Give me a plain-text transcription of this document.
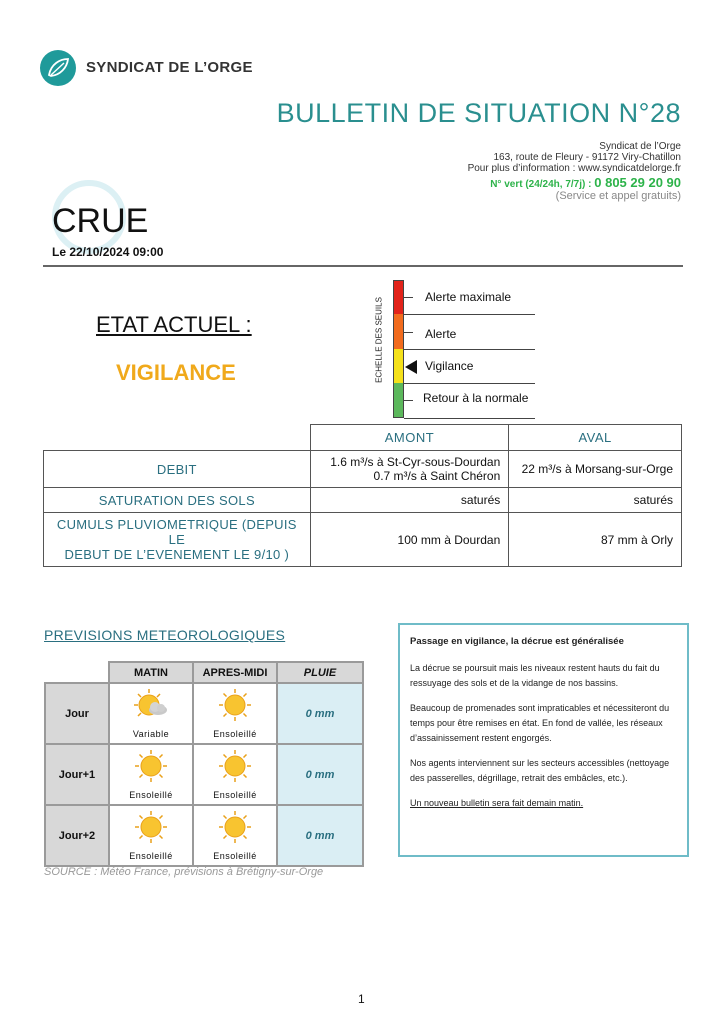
SYNDICAT DE L’ORGE
BULLETIN DE SITUATION N°28
Syndicat de l’Orge
163, route de Fleury - 91172 Viry-Chatillon
Pour plus d’information : www.syndicatdelorge.fr
N° vert (24/24h, 7/7j) : 0 805 29 20 90
(Service et appel gratuits)
CRUE
Le 22/10/2024 09:00
ETAT ACTUEL :
VIGILANCE	ECHELLE DES SEUILS
Alerte maximale
Alerte
Vigilance
Retour à la normale
	AMONT	AVAL
DEBIT	1.6 m³/s à St-Cyr-sous-Dourdan
0.7 m³/s à Saint Chéron	22 m³/s à Morsang-sur-Orge
SATURATION DES SOLS	saturés	saturés

CUMULS PLUVIOMETRIQUE (DEPUIS LE
DEBUT DE L’EVENEMENT LE 9/10 )	100 mm à Dourdan	87 mm à Orly
PREVISIONS METEOROLOGIQUES
	MATIN	APRES-MIDI	PLUIE
Jour	Variable	Ensoleillé	0 mm
Jour+1	Ensoleillé	Ensoleillé	0 mm
Jour+2	Ensoleillé	Ensoleillé	0 mm
SOURCE : Météo France, prévisions à Brétigny-sur-Orge

Passage en vigilance, la décrue est généralisée

La décrue se poursuit mais les niveaux restent hauts du fait du ressuyage des sols et de la vidange de nos bassins.

Beaucoup de promenades sont impraticables et nécessiteront du temps pour être remises en état. En fond de vallée, les réseaux d’assainissement restent engorgés.

Nos agents interviennent sur les secteurs accessibles (nettoyage des passerelles, dégrillage, retrait des embâcles, etc.).

Un nouveau bulletin sera fait demain matin.

1
